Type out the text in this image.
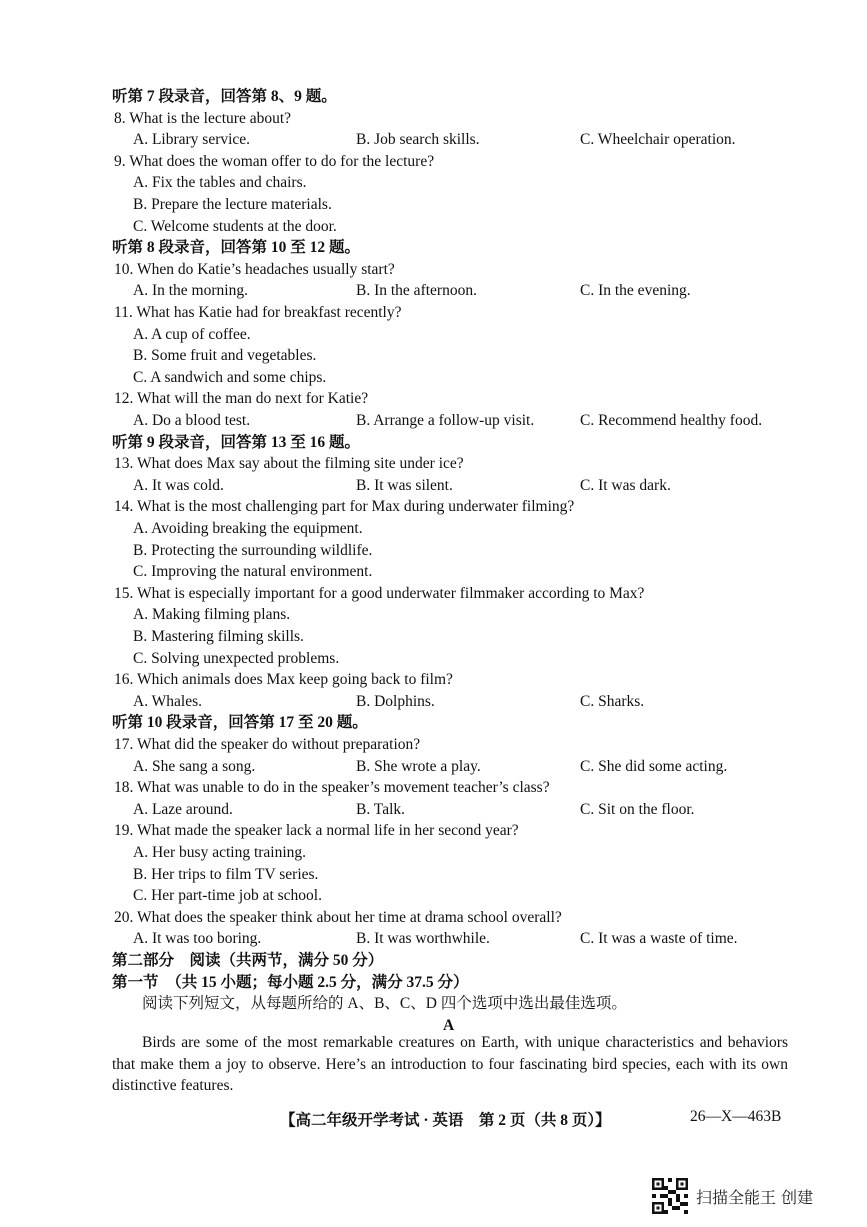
听第 7 段录音，回答第 8、9 题。
8. What is the lecture about?
A. Library service.	B. Job search skills.	C. Wheelchair operation.
9. What does the woman offer to do for the lecture?
A. Fix the tables and chairs.
B. Prepare the lecture materials.
C. Welcome students at the door.
听第 8 段录音，回答第 10 至 12 题。
10. When do Katie’s headaches usually start?
A. In the morning.	B. In the afternoon.	C. In the evening.
11. What has Katie had for breakfast recently?
A. A cup of coffee.
B. Some fruit and vegetables.
C. A sandwich and some chips.
12. What will the man do next for Katie?
A. Do a blood test.	B. Arrange a follow-up visit.	C. Recommend healthy food.
听第 9 段录音，回答第 13 至 16 题。
13. What does Max say about the filming site under ice?
A. It was cold.	B. It was silent.	C. It was dark.
14. What is the most challenging part for Max during underwater filming?
A. Avoiding breaking the equipment.
B. Protecting the surrounding wildlife.
C. Improving the natural environment.
15. What is especially important for a good underwater filmmaker according to Max?
A. Making filming plans.
B. Mastering filming skills.
C. Solving unexpected problems.
16. Which animals does Max keep going back to film?
A. Whales.	B. Dolphins.	C. Sharks.
听第 10 段录音，回答第 17 至 20 题。
17. What did the speaker do without preparation?
A. She sang a song.	B. She wrote a play.	C. She did some acting.
18. What was unable to do in the speaker’s movement teacher’s class?
A. Laze around.	B. Talk.	C. Sit on the floor.
19. What made the speaker lack a normal life in her second year?
A. Her busy acting training.
B. Her trips to film TV series.
C. Her part-time job at school.
20. What does the speaker think about her time at drama school overall?
A. It was too boring.	B. It was worthwhile.	C. It was a waste of time.
第二部分　阅读（共两节，满分 50 分）
第一节　（共 15 小题；每小题 2.5 分，满分 37.5 分）
阅读下列短文，从每题所给的 A、B、C、D 四个选项中选出最佳选项。
A
Birds are some of the most remarkable creatures on Earth, with unique characteristics and behaviors that make them a joy to observe. Here’s an introduction to four fascinating bird species, each with its own distinctive features.
【高二年级开学考试 · 英语　第 2 页（共 8 页）】	26—X—463B
扫描全能王 创建
